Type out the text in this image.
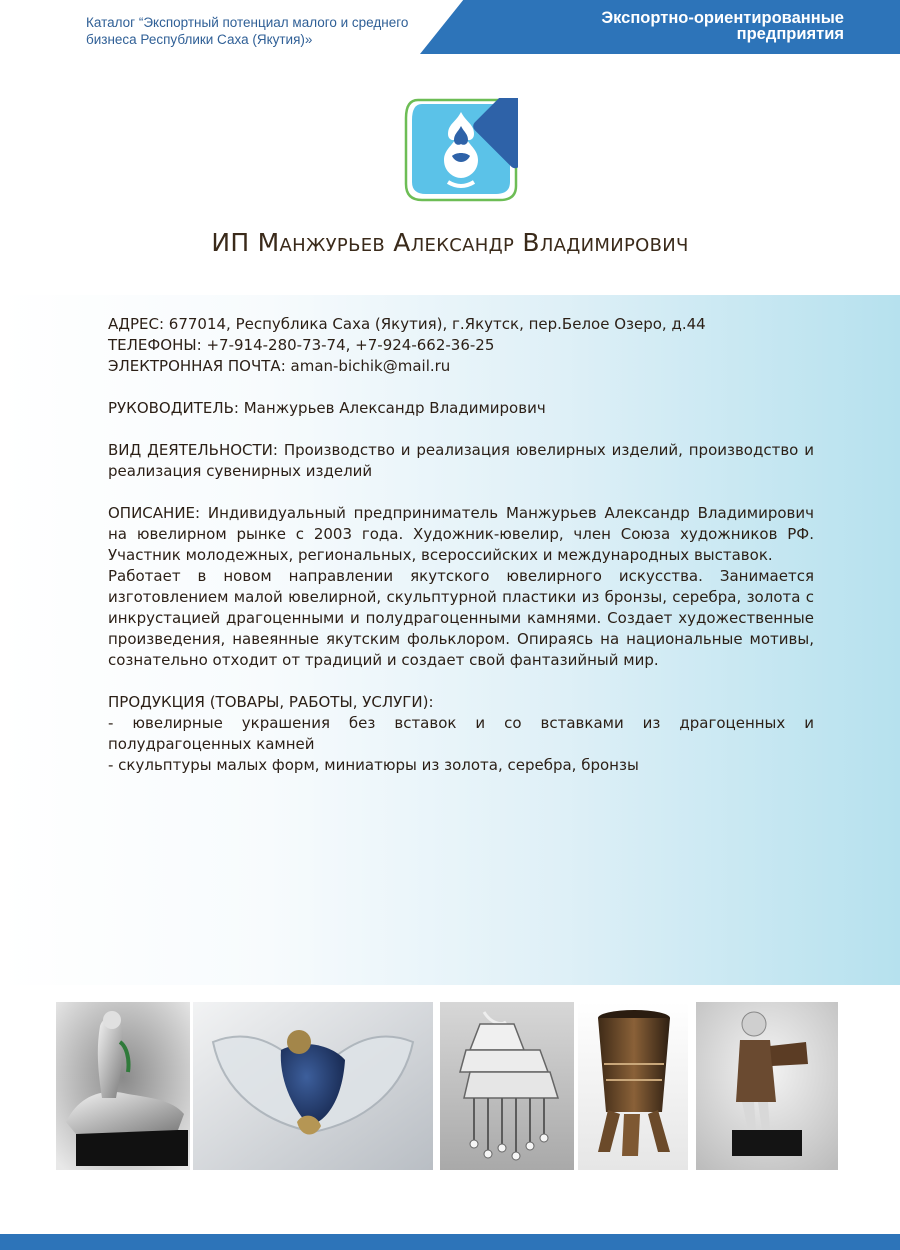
Каталог “Экспортный потенциал малого и среднего
бизнеса Республики Саха (Якутия)»
Экспортно-ориентированные
предприятия
ИП Манжурьев Александр Владимирович

АДРЕС: 677014, Республика Саха (Якутия), г.Якутск, пер.Белое Озеро, д.44

ТЕЛЕФОНЫ: +7-914-280-73-74, +7-924-662-36-25

ЭЛЕКТРОННАЯ ПОЧТА: aman-bichik@mail.ru

РУКОВОДИТЕЛЬ: Манжурьев Александр Владимирович

ВИД ДЕЯТЕЛЬНОСТИ: Производство и реализация ювелирных изделий, производство и реализация сувенирных изделий

ОПИСАНИЕ: Индивидуальный предприниматель Манжурьев Александр Владимирович на ювелирном рынке с 2003 года. Художник-ювелир, член Союза художников РФ. Участник молодежных, региональных, всероссийских и международных выставок.

Работает в новом направлении якутского ювелирного искусства. Занимается изготовлением малой ювелирной, скульптурной пластики из бронзы, серебра, золота с инкрустацией драгоценными и полудрагоценными камнями. Создает художественные произведения, навеянные якутским фольклором. Опираясь на национальные мотивы, сознательно отходит от традиций и создает свой фантазийный мир.

ПРОДУКЦИЯ (ТОВАРЫ, РАБОТЫ, УСЛУГИ):

- ювелирные украшения без вставок и со вставками из драгоценных и полудрагоценных камней

- скульптуры малых форм, миниатюры из золота, серебра, бронзы
